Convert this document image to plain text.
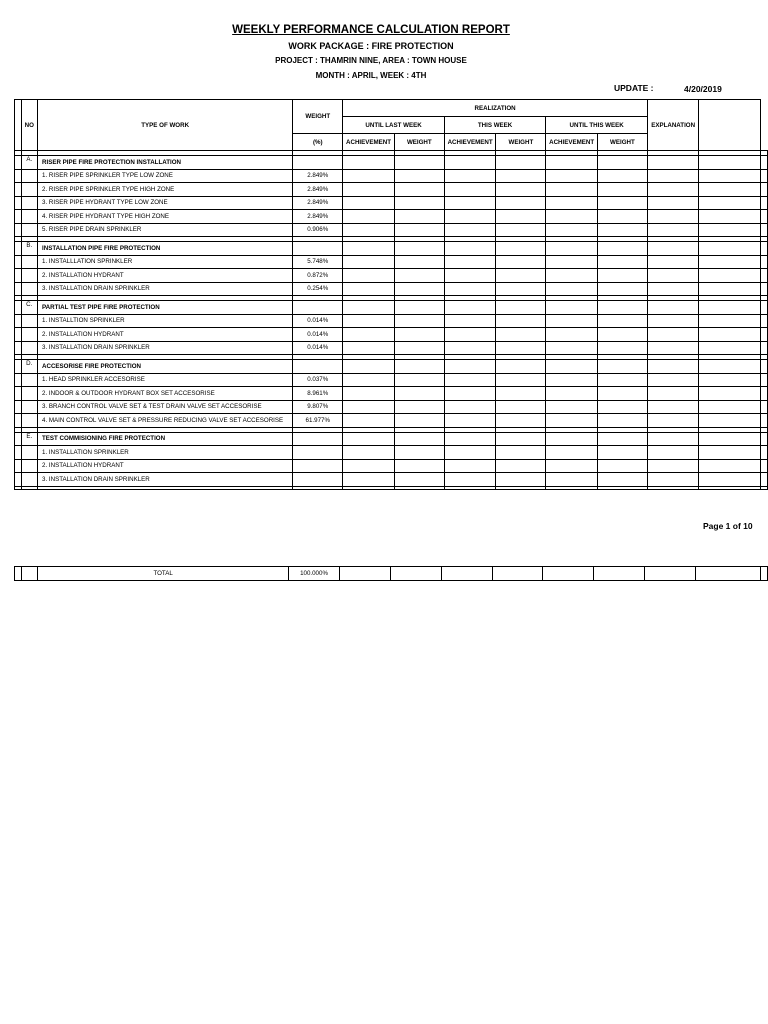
WEEKLY PERFORMANCE CALCULATION REPORT
WORK PACKAGE : FIRE PROTECTION
PROJECT : THAMRIN NINE, AREA : TOWN HOUSE
MONTH : APRIL, WEEK : 4TH
UPDATE :	4/20/2019
	NO	TYPE OF WORK	WEIGHT	REALIZATION						EXPLANATION		
				UNTIL LAST WEEK		THIS WEEK		UNTIL THIS WEEK				
			(%)	ACHIEVEMENT	WEIGHT	ACHIEVEMENT	WEIGHT	ACHIEVEMENT	WEIGHT			

	A.	RISER PIPE FIRE PROTECTION INSTALLATION										
		1. RISER PIPE SPRINKLER TYPE LOW ZONE	2.849%									
		2. RISER PIPE SPRINKLER TYPE HIGH ZONE	2.849%									
		3. RISER PIPE HYDRANT TYPE LOW ZONE	2.849%									
		4. RISER PIPE HYDRANT TYPE HIGH ZONE	2.849%									
		5. RISER PIPE DRAIN SPRINKLER	0.906%									

	B.	INSTALLATION PIPE FIRE PROTECTION										
		1. INSTALLLATION SPRINKLER	5.748%									
		2. INSTALLATION HYDRANT	0.872%									
		3. INSTALLATION DRAIN SPRINKLER	0.254%									

	C.	PARTIAL TEST PIPE FIRE PROTECTION										
		1. INSTALLTION SPRINKLER	0.014%									
		2. INSTALLATION HYDRANT	0.014%									
		3. INSTALLATION DRAIN SPRINKLER	0.014%									

	D.	ACCESORISE FIRE PROTECTION										
		1. HEAD SPRINKLER ACCESORISE	0.037%									
		2. INDOOR & OUTDOOR HYDRANT BOX SET ACCESORISE	8.961%									
		3. BRANCH CONTROL VALVE SET & TEST DRAIN VALVE SET ACCESORISE	9.807%									
		4. MAIN CONTROL VALVE SET & PRESSURE REDUCING VALVE SET ACCESORISE	61.977%									

	E.	TEST COMMISIONING FIRE PROTECTION										
		1. INSTALLATION SPRINKLER										
		2. INSTALLATION HYDRANT										
		3. INSTALLATION DRAIN SPRINKLER										

Page 1 of 10
		TOTAL	100.000%									
